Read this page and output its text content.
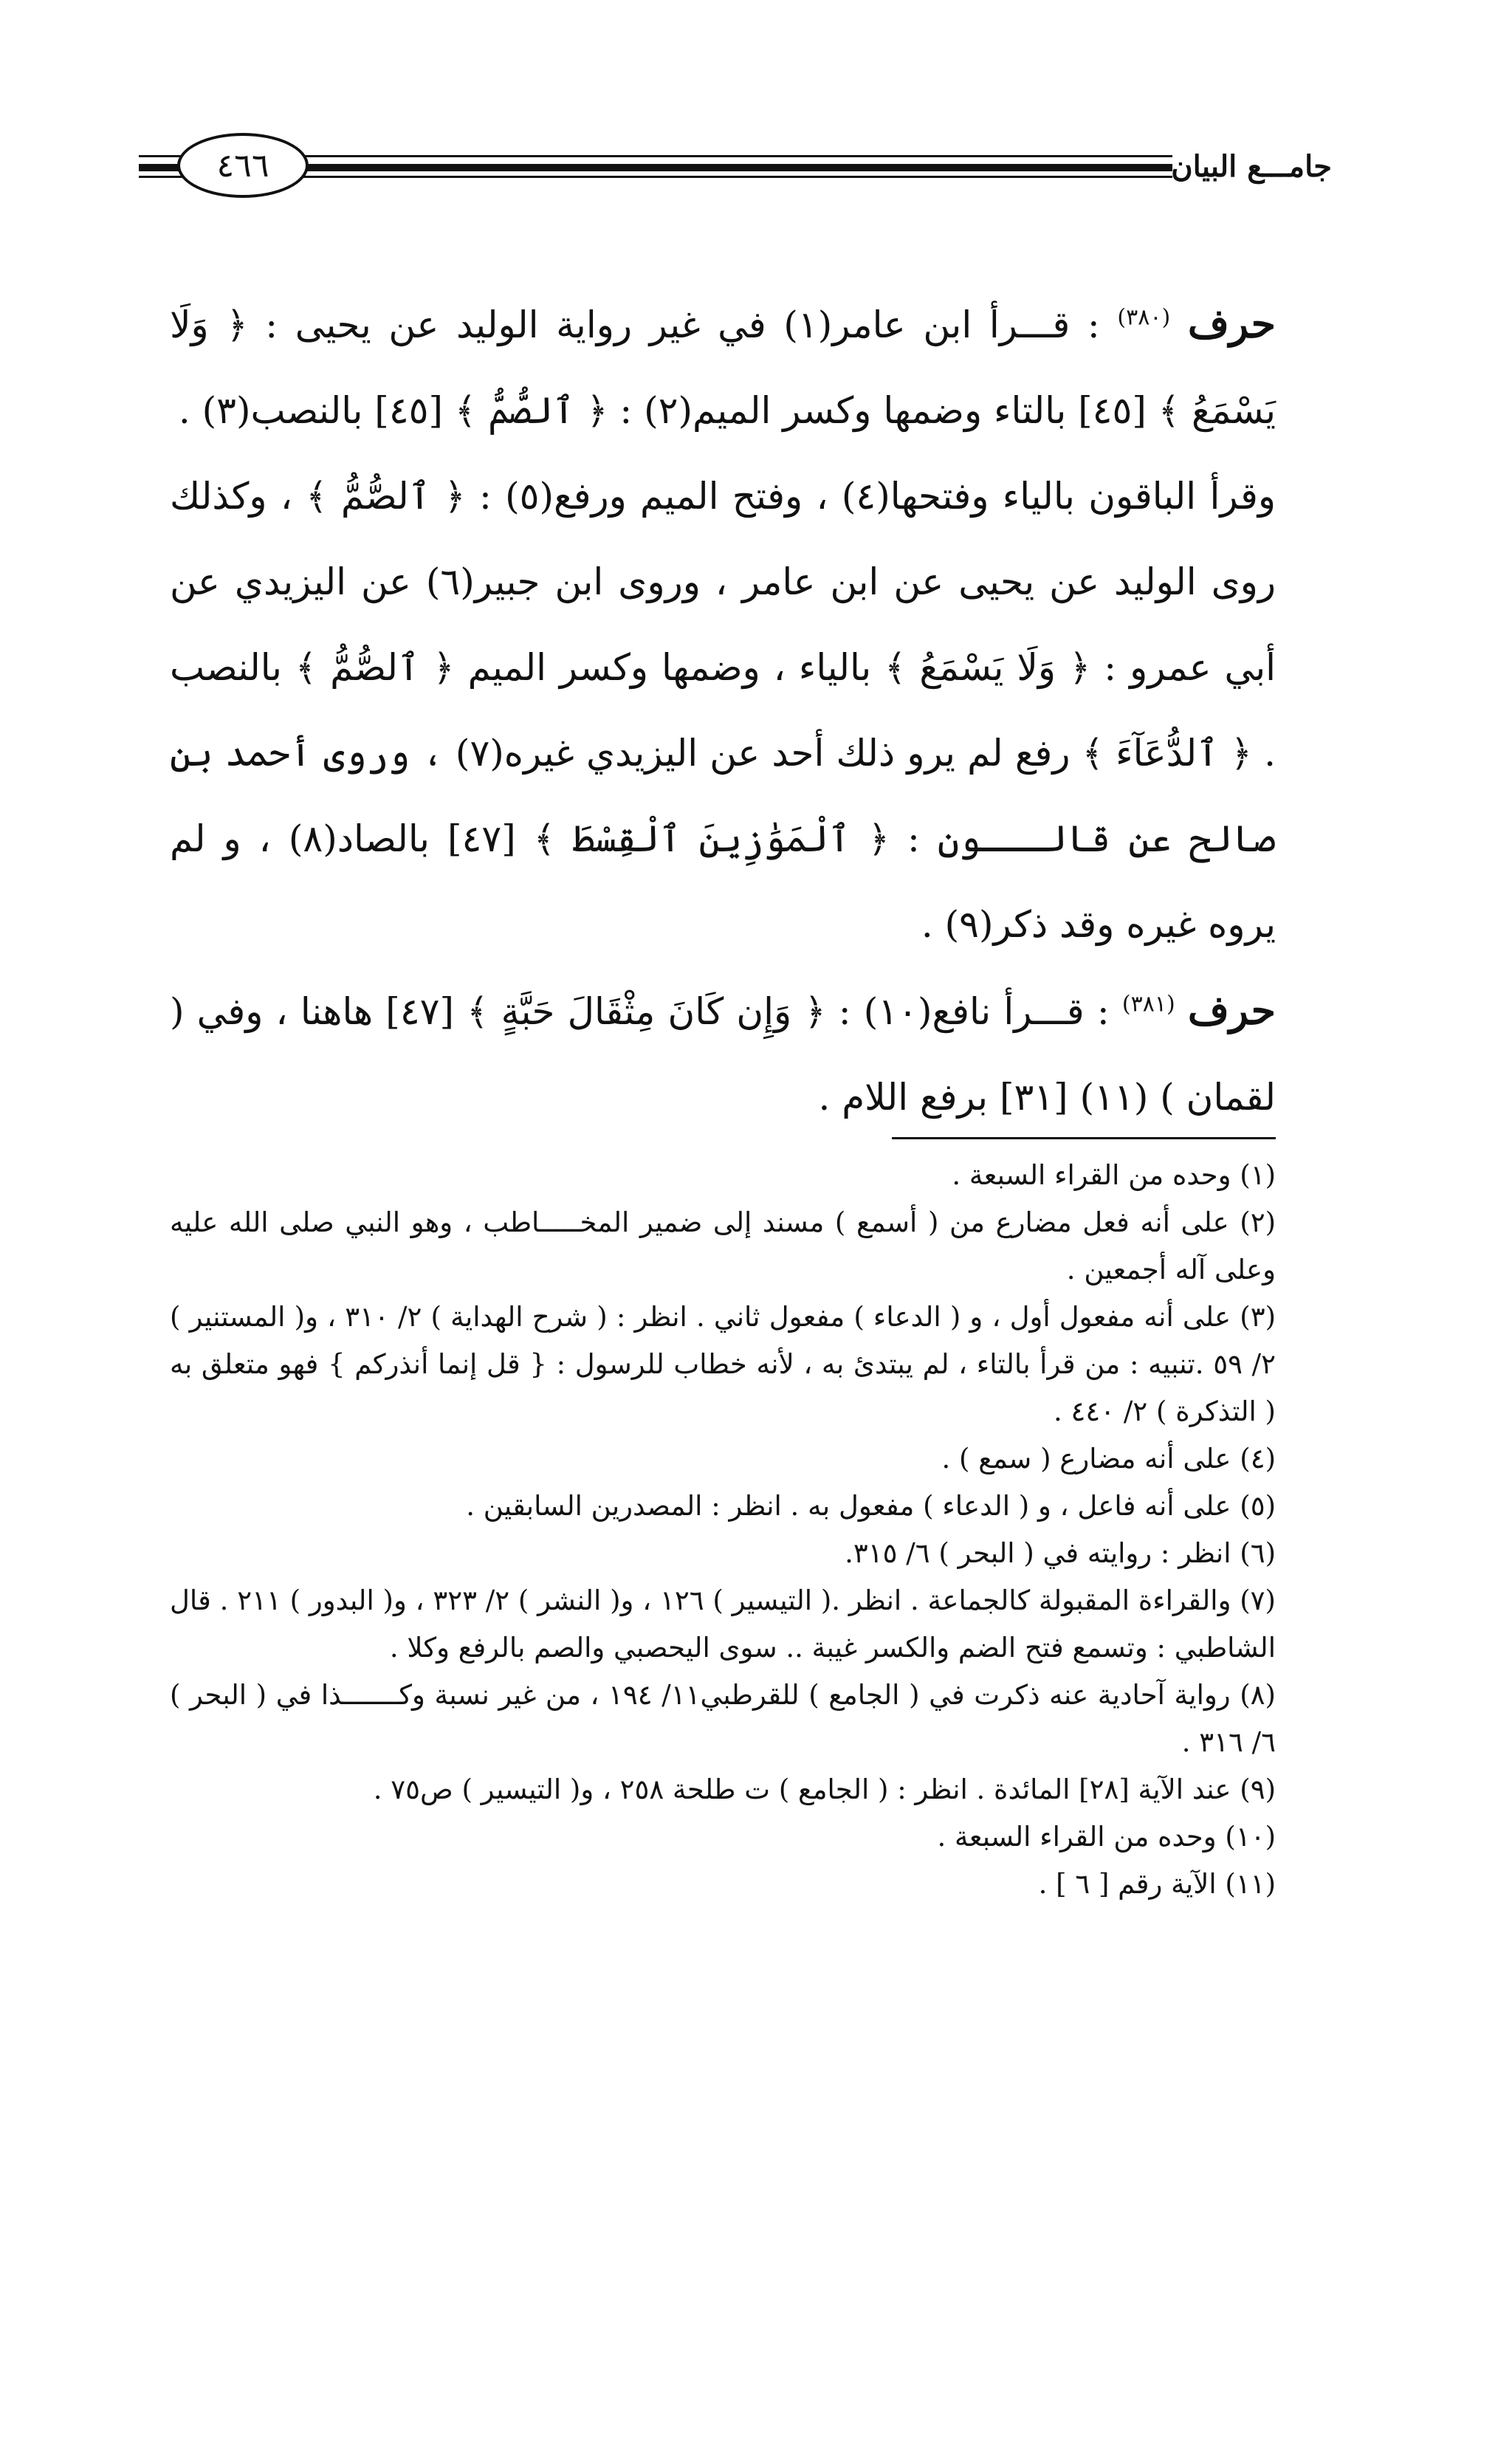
٤٦٦	جامـــع البيان

حرف $^{(٣٨٠)}$ : قـــرأ ابن عامر(١) في غير رواية الوليد عن يحيى : ﴿ وَلَا يَسْمَعُ ﴾ [٤٥] بالتاء وضمها وكسر الميم(٢) : ﴿ ٱلصُّمُّ ﴾ [٤٥] بالنصب(٣) .

وقرأ الباقون بالياء وفتحها(٤) ، وفتح الميم ورفع(٥) : ﴿ ٱلصُّمُّ ﴾ ، وكذلك روى الوليد عن يحيى عن ابن عامر ، وروى ابن جبير(٦) عن اليزيدي عن أبي عمرو : ﴿ وَلَا يَسْمَعُ ﴾ بالياء ، وضمها وكسر الميم ﴿ ٱلصُّمُّ ﴾ بالنصب . ﴿ ٱلدُّعَآءَ ﴾ رفع لم يرو ذلك أحد عن اليزيدي غيره(٧) ، وروى أحمد بن صالح عن قالـــون : ﴿ ٱلْمَوَٰزِينَ ٱلْقِسْطَ ﴾ [٤٧] بالصاد(٨) ، و لم يروه غيره وقد ذكر(٩) .

حرف $^{(٣٨١)}$ : قـــرأ نافع(١٠) : ﴿ وَإِن كَانَ مِثْقَالَ حَبَّةٍ ﴾ [٤٧] هاهنا ، وفي ( لقمان ) (١١) [٣١] برفع اللام .

(١) وحده من القراء السبعة .

(٢) على أنه فعل مضارع من ( أسمع ) مسند إلى ضمير المخـــــاطب ، وهو النبي صلى الله عليه وعلى آله أجمعين .

(٣) على أنه مفعول أول ، و ( الدعاء ) مفعول ثاني . انظر : ( شرح الهداية ) ٢/ ٣١٠ ، و( المستنير ) ٢/ ٥٩ .تنبيه : من قرأ بالتاء ، لم يبتدئ به ، لأنه خطاب للرسول : { قل إنما أنذركم } فهو متعلق به ( التذكرة ) ٢/ ٤٤٠ .

(٤) على أنه مضارع ( سمع ) .

(٥) على أنه فاعل ، و ( الدعاء ) مفعول به . انظر : المصدرين السابقين .

(٦) انظر : روايته في ( البحر ) ٦/ ٣١٥.

(٧) والقراءة المقبولة كالجماعة . انظر .( التيسير ) ١٢٦ ، و( النشر ) ٢/ ٣٢٣ ، و( البدور ) ٢١١ . قال الشاطبي : وتسمع فتح الضم والكسر غيبة .. سوى اليحصبي والصم بالرفع وكلا .

(٨) رواية آحادية عنه ذكرت في ( الجامع ) للقرطبي١١/ ١٩٤ ، من غير نسبة وكـــــــذا في ( البحر ) ٦/ ٣١٦ .

(٩) عند الآية [٢٨] المائدة . انظر : ( الجامع ) ت طلحة ٢٥٨ ، و( التيسير ) ص٧٥ .

(١٠) وحده من القراء السبعة .

(١١) الآية رقم [ ٦ ] .
